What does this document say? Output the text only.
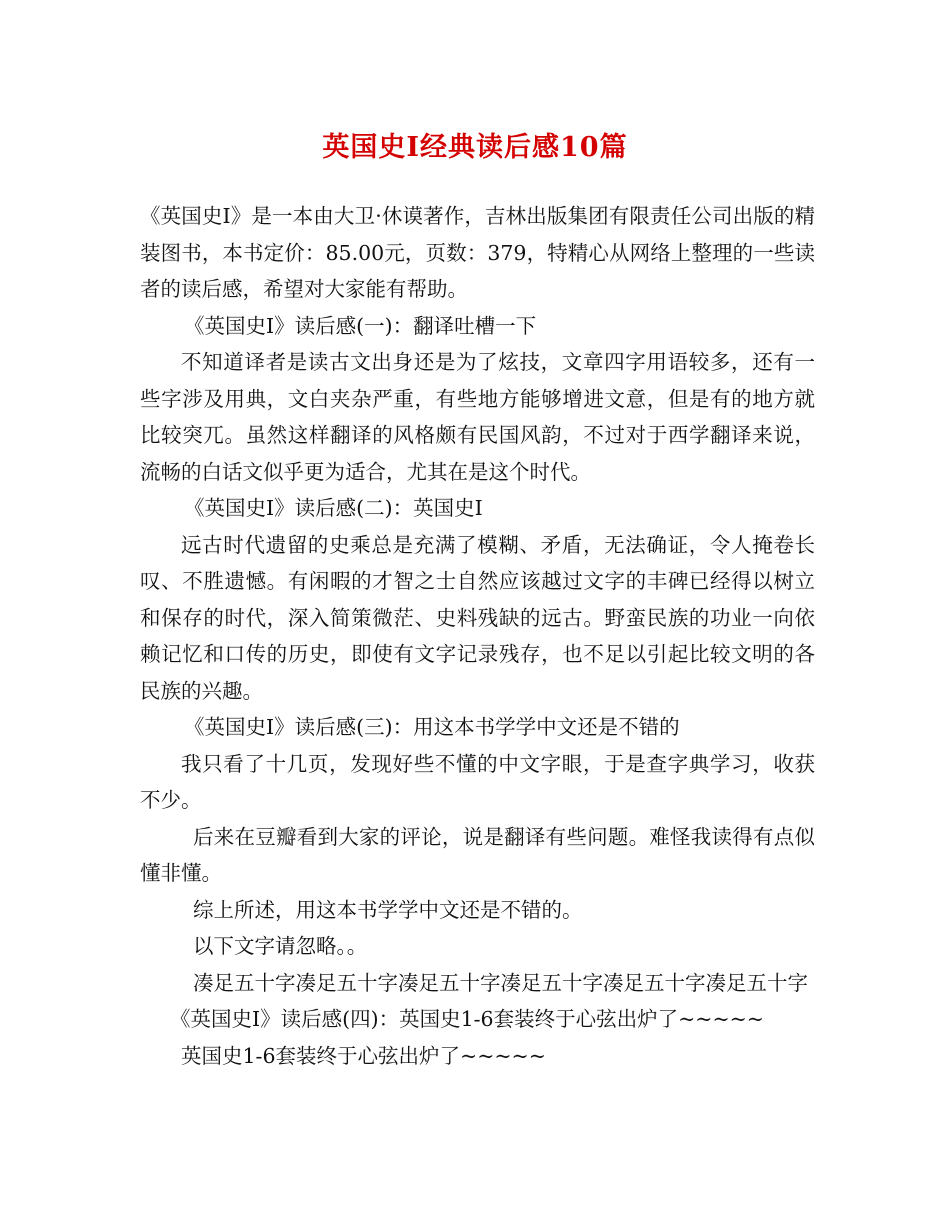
英国史Ⅰ经典读后感10篇

《英国史Ⅰ》是一本由大卫·休谟著作，吉林出版集团有限责任公司出版的精装图书，本书定价：85.00元，页数：379，特精心从网络上整理的一些读者的读后感，希望对大家能有帮助。

《英国史Ⅰ》读后感(一)：翻译吐槽一下

不知道译者是读古文出身还是为了炫技，文章四字用语较多，还有一些字涉及用典，文白夹杂严重，有些地方能够增进文意，但是有的地方就比较突兀。虽然这样翻译的风格颇有民国风韵，不过对于西学翻译来说，流畅的白话文似乎更为适合，尤其在是这个时代。

《英国史Ⅰ》读后感(二)：英国史Ⅰ

远古时代遗留的史乘总是充满了模糊、矛盾，无法确证，令人掩卷长叹、不胜遗憾。有闲暇的才智之士自然应该越过文字的丰碑已经得以树立和保存的时代，深入简策微茫、史料残缺的远古。野蛮民族的功业一向依赖记忆和口传的历史，即使有文字记录残存，也不足以引起比较文明的各民族的兴趣。

《英国史Ⅰ》读后感(三)：用这本书学学中文还是不错的

我只看了十几页，发现好些不懂的中文字眼，于是查字典学习，收获不少。

后来在豆瓣看到大家的评论，说是翻译有些问题。难怪我读得有点似懂非懂。

综上所述，用这本书学学中文还是不错的。

以下文字请忽略。。

凑足五十字凑足五十字凑足五十字凑足五十字凑足五十字凑足五十字

《英国史Ⅰ》读后感(四)：英国史1-6套装终于心弦出炉了~~~~~

英国史1-6套装终于心弦出炉了~~~~~
